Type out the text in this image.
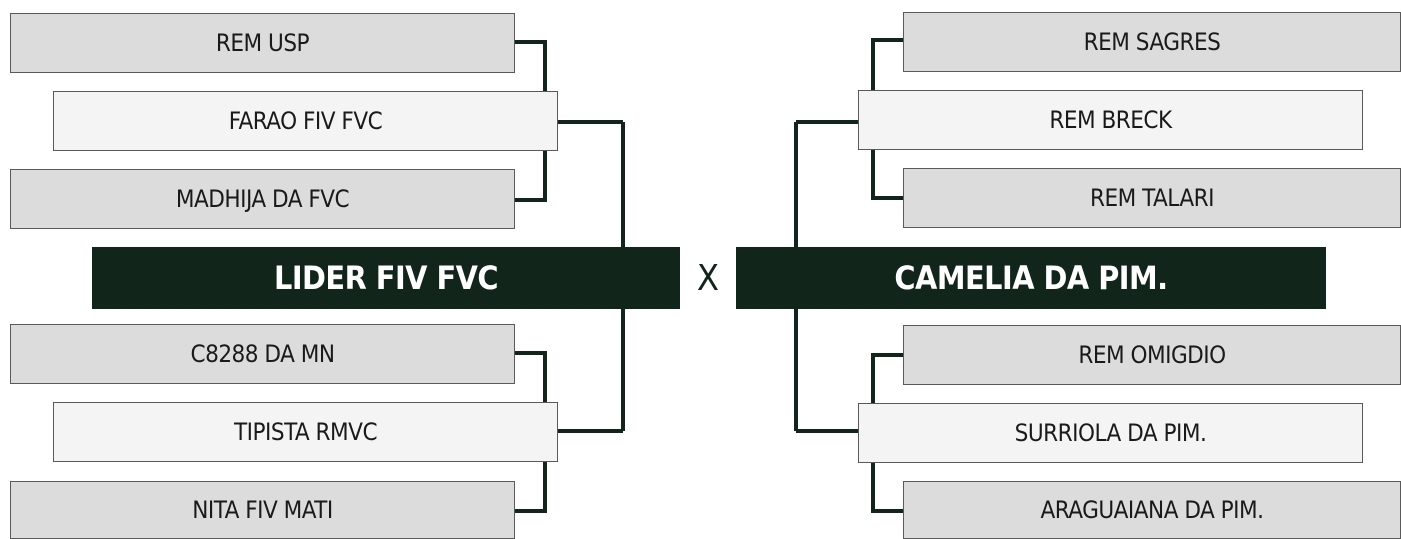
REM USP
FARAO FIV FVC
MADHIJA DA FVC
LIDER FIV FVC
C8288 DA MN
TIPISTA RMVC
NITA FIV MATI
X
REM SAGRES
REM BRECK
REM TALARI
CAMELIA DA PIM.
REM OMIGDIO
SURRIOLA DA PIM.
ARAGUAIANA DA PIM.
